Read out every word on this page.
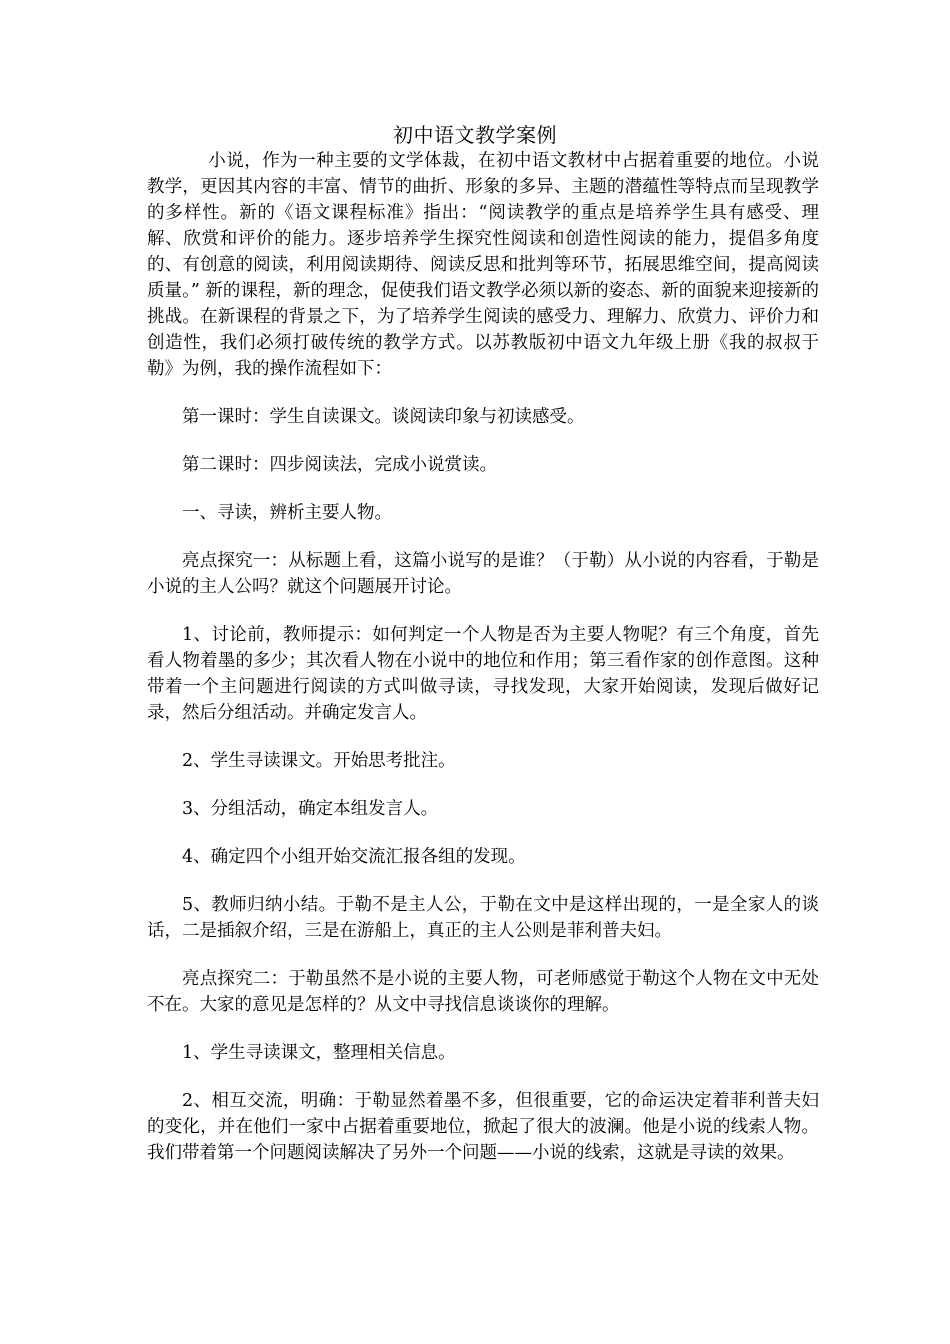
初中语文教学案例

小说，作为一种主要的文学体裁，在初中语文教材中占据着重要的地位。小说教学，更因其内容的丰富、情节的曲折、形象的多异、主题的潜蕴性等特点而呈现教学的多样性。新的《语文课程标准》指出：“阅读教学的重点是培养学生具有感受、理解、欣赏和评价的能力。逐步培养学生探究性阅读和创造性阅读的能力，提倡多角度的、有创意的阅读，利用阅读期待、阅读反思和批判等环节，拓展思维空间，提高阅读质量。” 新的课程，新的理念，促使我们语文教学必须以新的姿态、新的面貌来迎接新的挑战。在新课程的背景之下，为了培养学生阅读的感受力、理解力、欣赏力、评价力和创造性，我们必须打破传统的教学方式。以苏教版初中语文九年级上册《我的叔叔于勒》为例，我的操作流程如下：

第一课时：学生自读课文。谈阅读印象与初读感受。

第二课时：四步阅读法，完成小说赏读。

一、寻读，辨析主要人物。

亮点探究一：从标题上看，这篇小说写的是谁？（于勒）从小说的内容看，于勒是小说的主人公吗？就这个问题展开讨论。

1、讨论前，教师提示：如何判定一个人物是否为主要人物呢？有三个角度，首先看人物着墨的多少；其次看人物在小说中的地位和作用；第三看作家的创作意图。这种带着一个主问题进行阅读的方式叫做寻读，寻找发现，大家开始阅读，发现后做好记录，然后分组活动。并确定发言人。

2、学生寻读课文。开始思考批注。

3、分组活动，确定本组发言人。

4、确定四个小组开始交流汇报各组的发现。

5、教师归纳小结。于勒不是主人公，于勒在文中是这样出现的，一是全家人的谈话，二是插叙介绍，三是在游船上，真正的主人公则是菲利普夫妇。

亮点探究二：于勒虽然不是小说的主要人物，可老师感觉于勒这个人物在文中无处不在。大家的意见是怎样的？从文中寻找信息谈谈你的理解。

1、学生寻读课文，整理相关信息。

2、相互交流，明确：于勒显然着墨不多，但很重要，它的命运决定着菲利普夫妇的变化，并在他们一家中占据着重要地位，掀起了很大的波澜。他是小说的线索人物。我们带着第一个问题阅读解决了另外一个问题——小说的线索，这就是寻读的效果。
